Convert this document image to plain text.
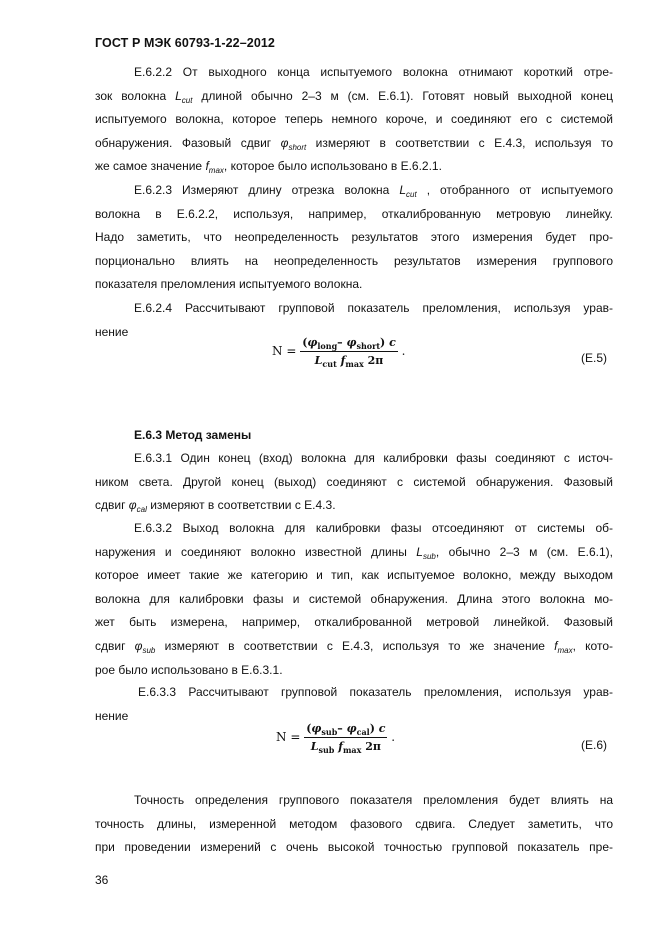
ГОСТ Р МЭК 60793-1-22–2012
Е.6.2.2 От выходного конца испытуемого волокна отнимают короткий отре-
зок волокна $L_{cut}$ длиной обычно 2–3 м (см. Е.6.1). Готовят новый выходной конец
испытуемого волокна, которое теперь немного короче, и соединяют его с системой
обнаружения. Фазовый сдвиг $\varphi_{short}$ измеряют в соответствии с Е.4.3, используя то
же самое значение $f_{max}$, которое было использовано в Е.6.2.1.
Е.6.2.3 Измеряют длину отрезка волокна $L_{cut}$ , отобранного от испытуемого
волокна в Е.6.2.2, используя, например, откалиброванную метровую линейку.
Надо заметить, что неопределенность результатов этого измерения будет про-
порционально влиять на неопределенность результатов измерения группового
показателя преломления испытуемого волокна.
Е.6.2.4 Рассчитывают групповой показатель преломления, используя урав-
нение
$N = \frac{(\varphi_{long}- \varphi_{short}) c}{L_{cut} f_{max} 2\pi}$ .	(Е.5)
Е.6.3 Метод замены
Е.6.3.1 Один конец (вход) волокна для калибровки фазы соединяют с источ-
ником света. Другой конец (выход) соединяют с системой обнаружения. Фазовый
сдвиг $\varphi_{cal}$ измеряют в соответствии с Е.4.3.
Е.6.3.2 Выход волокна для калибровки фазы отсоединяют от системы об-
наружения и соединяют волокно известной длины $L_{sub}$, обычно 2–3 м (см. Е.6.1),
которое имеет такие же категорию и тип, как испытуемое волокно, между выходом
волокна для калибровки фазы и системой обнаружения. Длина этого волокна мо-
жет быть измерена, например, откалиброванной метровой линейкой. Фазовый
сдвиг $\varphi_{sub}$ измеряют в соответствии с Е.4.3, используя то же значение $f_{max}$, кото-
рое было использовано в Е.6.3.1.
Е.6.3.3 Рассчитывают групповой показатель преломления, используя урав-
нение
$N = \frac{(\varphi_{sub}- \varphi_{cal}) c}{L_{sub} f_{max} 2\pi}$ .
(Е.6)
Точность определения группового показателя преломления будет влиять на
точность длины, измеренной методом фазового сдвига. Следует заметить, что
при проведении измерений с очень высокой точностью групповой показатель пре-
36
